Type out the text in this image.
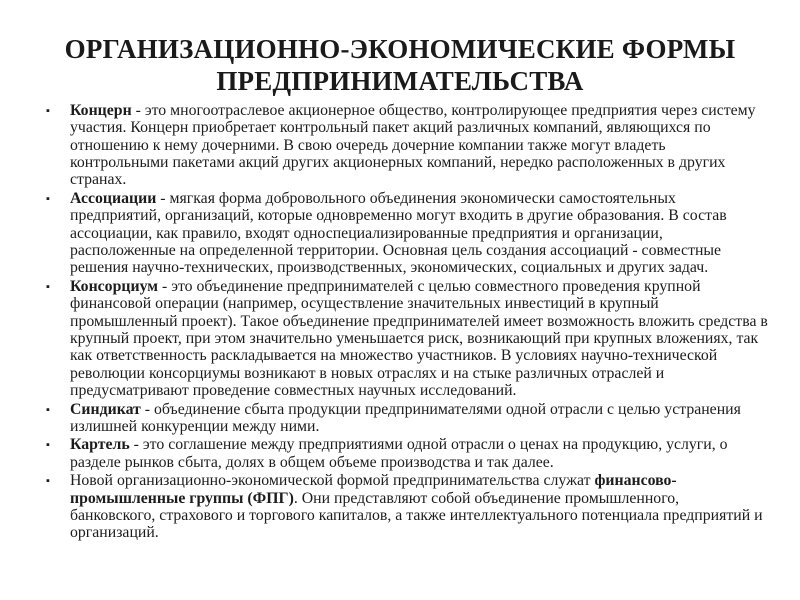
ОРГАНИЗАЦИОННО-ЭКОНОМИЧЕСКИЕ ФОРМЫ ПРЕДПРИНИМАТЕЛЬСТВА
▪	Концерн - это многоотраслевое акционерное общество, контролирующее предприятия через систему участия. Концерн приобретает контрольный пакет акций различных компаний, являющихся по отношению к нему дочерними. В свою очередь дочерние компании также могут владеть контрольными пакетами акций других акционерных компаний, нередко расположенных в других странах.
▪	Ассоциации - мягкая форма добровольного объединения экономически самостоятельных предприятий, организаций, которые одновременно могут входить в другие образования. В состав ассоциации, как правило, входят односпециализированные предприятия и организации, расположенные на определенной территории. Основная цель создания ассоциаций - совместные решения научно-технических, производственных, экономических, социальных и других задач.
▪	Консорциум - это объединение предпринимателей с целью совместного проведения крупной финансовой операции (например, осуществление значительных инвестиций в крупный промышленный проект). Такое объединение предпринимателей имеет возможность вложить средства в крупный проект, при этом значительно уменьшается риск, возникающий при крупных вложениях, так как ответственность раскладывается на множество участников. В условиях научно-технической революции консорциумы возникают в новых отраслях и на стыке различных отраслей и предусматривают проведение совместных научных исследований.
▪	Синдикат - объединение сбыта продукции предпринимателями одной отрасли с целью устранения излишней конкуренции между ними.
▪	Картель - это соглашение между предприятиями одной отрасли о ценах на продукцию, услуги, о разделе рынков сбыта, долях в общем объеме производства и так далее.
▪	Новой организационно-экономической формой предпринимательства служат финансово-промышленные группы (ФПГ). Они представляют собой объединение промышленного, банковского, страхового и торгового капиталов, а также интеллектуального потенциала предприятий и организаций.
